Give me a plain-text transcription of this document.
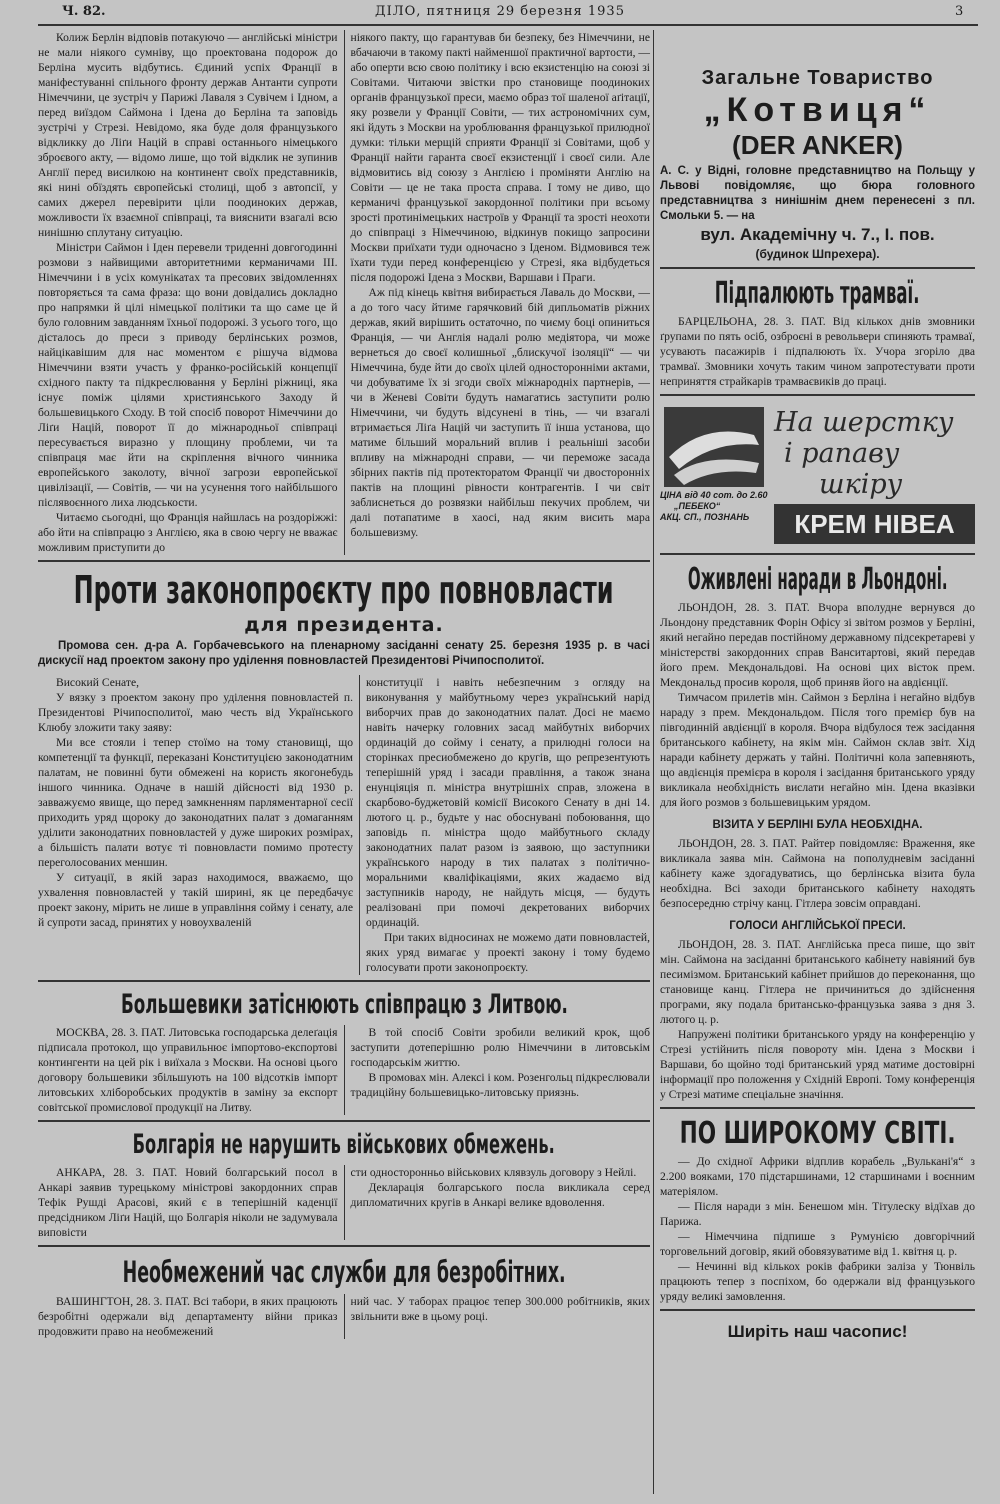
Ч. 82.	ДІЛО, пятниця 29 березня 1935	3

Колиж Берлін відповів потакуючо — англійські міністри не мали ніякого сумніву, що проектована подорож до Берліна мусить відбутись. Єдиний успіх Франції в маніфестуванні спільного фронту держав Антанти супроти Німеччини, це зустріч у Парижі Лаваля з Сувічем і Ідном, а перед виїздом Саймона і Ідена до Берліна та заповідь зустрічі у Стрезі. Невідомо, яка буде доля французького відкликку до Ліґи Націй в справі останнього німецького зброєвого акту, — відомо лише, що той відклик не зупинив Англії перед висилкою на континент своїх представників, які нині обїздять європейські столиці, щоб з автопсії, у самих джерел перевірити ціли поодиноких держав, можливости їх взаємної співпраці, та вияснити взагалі всю нинішню сплутану ситуацію.

Міністри Саймон і Іден перевели триденні довгогодинні розмови з найвищими авторитетними керманичами III. Німеччини і в усіх комунікатах та пресових звідомленнях повторяється та сама фраза: що вони довідались докладно про напрямки й цілі німецької політики та що саме це й було головним завданням їхньої подорожі. З усього того, що дісталось до преси з приводу берлінських розмов, найцікавішим для нас моментом є рішуча відмова Німеччини взяти участь у франко-російській концепції східного пакту та підкреслювання у Берліні ріжниці, яка існує поміж цілями християнського Заходу й большевицького Сходу. В той спосіб поворот Німеччини до Ліґи Націй, поворот її до міжнародньої співпраці пересувається виразно у площину проблеми, чи та співпраця має йти на скріплення вічного чинника европейського заколоту, вічної загрози европейської цивілізації, — Совітів, — чи на усунення того найбільшого післявоєнного лиха людськости.

Читаємо сьогодні, що Франція найшлась на роздоріжжі: або йти на співпрацю з Англією, яка в свою чергу не вважає можливим приступити до

ніякого пакту, що гарантував би безпеку, без Німеччини, не вбачаючи в такому пакті найменшої практичної вартости, — або оперти всю свою політику і всю екзистенцію на союзі зі Совітами. Читаючи звістки про становище поодиноких органів французької преси, маємо образ тої шаленої аґітації, яку розвели у Франції Совіти, — тих астрономічних сум, які йдуть з Москви на уроблювання французької прилюдної думки: тільки мерщій сприяти Франції зі Совітами, щоб у Франції найти гаранта своєї екзистенції і своєї сили. Але відмовитись від союзу з Англією і проміняти Англію на Совіти — це не така проста справа. І тому не диво, що керманичі французької закордонної політики при всьому зрості протинімецьких настроїв у Франції та зрості неохоти до співпраці з Німеччиною, відкинув покищо запросини Москви приїхати туди одночасно з Іденом. Відмовився теж їхати туди перед конференцією у Стрезі, яка відбудеться після подорожі Ідена з Москви, Варшави і Праги.

Аж під кінець квітня вибирається Лаваль до Москви, — а до того часу йтиме гарячковий бій дипльоматів ріжних держав, який вирішить остаточно, по чиєму боці опиниться Франція, — чи Англія надалі ролю медіятора, чи може вернеться до своєї колишньої „блискучої ізоляції“ — чи Німеччина, буде йти до своїх цілей односторонніми актами, чи добуватиме їх зі згоди своїх міжнародніх партнерів, — чи в Женеві Совіти будуть намагатись заступити ролю Німеччини, чи будуть відсунені в тінь, — чи взагалі втримається Ліґа Націй чи заступить її інша установа, що матиме більший моральний вплив і реальніші засоби впливу на міжнародні справи, — чи переможе засада збірних пактів під протекторатом Франції чи двосторонніх пактів на площині рівности контрагентів. І чи світ заблиснеться до розвязки найбільш пекучих проблем, чи далі потапатиме в хаосі, над яким висить мара большевизму.

Проти законопроєкту про повновласти
для президента.
Промова сен. д-ра А. Горбачевського на пленарному засіданні сенату 25. березня 1935 р. в часі дискусії над проектом закону про уділення повновластей Президентові Річипосполитої.

Високий Сенате,

У вязку з проектом закону про уділення повновластей п. Президентові Річипосполитої, маю честь від Українського Клюбу зложити таку заяву:

Ми все стояли і тепер стоїмо на тому становищі, що компетенції та функції, переказані Конституцією законодатним палатам, не повинні бути обмежені на користь якогонебудь іншого чинника. Одначе в нашій дійсності від 1930 р. завважуємо явище, що перед замкненням парляментарної сесії приходить уряд щороку до законодатних палат з домаганням уділити законодатних повновластей у дуже широких розмірах, а більшість палати вотує ті повновласти помимо протесту переголосованих меншин.

У ситуації, в якій зараз находимося, вважаємо, що ухвалення повновластей у такій ширині, як це передбачує проект закону, мірить не лише в управління сойму і сенату, але й супроти засад, принятих у новоухваленій

конституції і навіть небезпечним з огляду на виконування у майбутньому через український нарід виборчих прав до законодатних палат. Досі не маємо навіть начерку головних засад майбутніх виборчих ординацій до сойму і сенату, а прилюдні голоси на сторінках пресиобмежено до кругів, що репрезентують теперішній уряд і засади правління, а також знана енунціяція п. міністра внутрішніх справ, зложена в скарбово-буджетовій комісії Високого Сенату в дні 14. лютого ц. р., будьте у нас обоснувані побоювання, що заповідь п. міністра щодо майбутнього складу законодатних палат разом із заявою, що заступники українського народу в тих палатах з політично-моральними кваліфікаціями, яких жадаємо від заступників народу, не найдуть місця, — будуть реалізовані при помочі декретованих виборчих ординацій.

При таких відносинах не можемо дати повновластей, яких уряд вимагає у проекті закону і тому будемо голосувати проти законопроєкту.

Большевики затіснюють співпрацю з Литвою.

МОСКВА, 28. 3. ПАТ. Литовська господарська делеґація підписала протокол, що управильнює імпортово-експортові контингенти на цей рік і виїхала з Москви. На основі цього договору большевики збільшують на 100 відсотків імпорт литовських хліборобських продуктів в заміну за експорт совітської промислової продукції на Литву.

В той спосіб Совіти зробили великий крок, щоб заступити дотеперішню ролю Німеччини в литовськім господарськім життю.

В промовах мін. Алексі і ком. Розенгольц підкреслювали традиційну большевицько-литовську приязнь.

Болгарія не нарушить військових обмежень.

АНКАРА, 28. 3. ПАТ. Новий болгарський посол в Анкарі заявив турецькому міністрові закордонних справ Тефік Рушді Арасові, який є в теперішній каденції предсідником Ліґи Націй, що Болгарія ніколи не задумувала виповісти

сти односторонньо військових клявзуль договору з Нейлі.

Декларація болгарського посла викликала серед дипломатичних кругів в Анкарі велике вдоволення.

Необмежений час служби для безробітних.

ВАШИНГТОН, 28. 3. ПАТ. Всі табори, в яких працюють безробітні одержали від департаменту війни приказ продовжити право на необмежений

ний час. У таборах працює тепер 300.000 робітників, яких звільнити вже в цьому році.

Загальне Товариство
„Котвиця“
(DER ANKER)
А. С. у Відні, головне представництво на Польщу у Львові повідомляє, що бюра головного представництва з нинішнім днем перенесені з пл. Смольки 5. — на
вул. Академічну ч. 7., І. пов.
(будинок Шпрехера).
Підпалюють трамваї.

БАРЦЕЛЬОНА, 28. 3. ПАТ. Від кількох днів змовники ґрупами по пять осіб, озброєні в револьвери спиняють трамваї, усувають пасажирів і підпалюють їх. Учора згоріло два трамваї. Змовники хочуть таким чином запротестувати проти неприняття страйкарів трамваєвиків до праці.

ЦІНА від 40 сот. до 2.60
„ПЕБЕКО“
АКЦ. СП., ПОЗНАНЬ
На шерстку
і рапаву
шкіру
КРЕМ НІВЕА
Оживлені наради в Льондоні.

ЛЬОНДОН, 28. 3. ПАТ. Вчора вполудне вернувся до Льондону представник Форін Офісу зі звітом розмов у Берліні, який негайно передав постійному державному підсекретареві у міністерстві закордонних справ Ванситартові, який передав його прем. Мекдональдові. На основі цих вісток прем. Мекдональд просив короля, щоб приняв його на авдієнції.

Тимчасом прилетів мін. Саймон з Берліна і негайно відбув нараду з прем. Мекдональдом. Після того премієр був на півгодинній авдієнції в короля. Вчора відбулося теж засідання британського кабінету, на якім мін. Саймон склав звіт. Хід наради кабінету держать у тайні. Політичні кола запевняють, що авдієнція премієра в короля і засідання британського уряду викликала необхідність вислати негайно мін. Ідена вказівки для його розмов з большевицьким урядом.

ВІЗИТА У БЕРЛІНІ БУЛА НЕОБХІДНА.

ЛЬОНДОН, 28. 3. ПАТ. Райтер повідомляє: Враження, яке викликала заява мін. Саймона на пополудневім засіданні кабінету каже здогадуватись, що берлінська візита була необхідна. Всі заходи британського кабінету находять безпосередню стрічу канц. Гітлера зовсім оправдані.

ГОЛОСИ АНГЛІЙСЬКОЇ ПРЕСИ.

ЛЬОНДОН, 28. 3. ПАТ. Англійська преса пише, що звіт мін. Саймона на засіданні британського кабінету навіяний був песимізмом. Британський кабінет прийшов до переконання, що становище канц. Гітлера не причиниться до здійснення програми, яку подала британсько-французька заява з дня 3. лютого ц. р.

Напружені політики британського уряду на конференцію у Стрезі устійнить після повороту мін. Ідена з Москви і Варшави, бо щойно тоді британський уряд матиме достовірні інформації про положення у Східній Европі. Тому конференція у Стрезі матиме спеціальне значіння.

ПО ШИРОКОМУ СВІТІ.

— До східної Африки відплив корабель „Вулькані'я“ з 2.200 вояками, 170 підстаршинами, 12 старшинами і воєнним матеріялом.

— Після наради з мін. Бенешом мін. Тітулеску відїхав до Парижа.

— Німеччина підпише з Румунією довгорічний торговельний договір, який обовязуватиме від 1. квітня ц. р.

— Нечинні від кількох років фабрики заліза у Тюнвіль працюють тепер з поспіхом, бо одержали від французького уряду великі замовлення.

Ширіть наш часопис!
